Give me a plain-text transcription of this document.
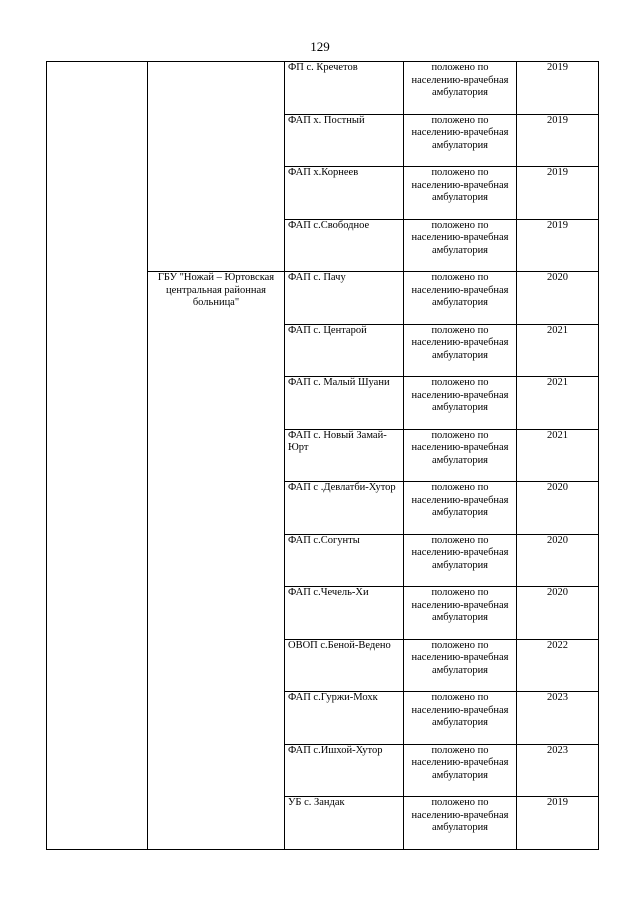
129
		ФП с. Кречетов	положено по населению-врачебная амбулатория	2019
		ФАП х. Постный	положено по населению-врачебная амбулатория	2019
		ФАП х.Корнеев	положено по населению-врачебная амбулатория	2019
		ФАП с.Свободное	положено по населению-врачебная амбулатория	2019
	ГБУ "Ножай – Юртовская центральная районная больница"	ФАП с. Пачу	положено по населению-врачебная амбулатория	2020
		ФАП с. Центарой	положено по населению-врачебная амбулатория	2021
		ФАП с. Малый Шуани	положено по населению-врачебная амбулатория	2021
		ФАП с. Новый Замай-Юрт	положено по населению-врачебная амбулатория	2021
		ФАП с .Девлатби-Хутор	положено по населению-врачебная амбулатория	2020
		ФАП с.Согунты	положено по населению-врачебная амбулатория	2020
		ФАП с.Чечель-Хи	положено по населению-врачебная амбулатория	2020
		ОВОП с.Беной-Ведено	положено по населению-врачебная амбулатория	2022
		ФАП с.Гуржи-Мохк	положено по населению-врачебная амбулатория	2023
		ФАП с.Ишхой-Хутор	положено по населению-врачебная амбулатория	2023
		УБ с. Зандак	положено по населению-врачебная амбулатория	2019
